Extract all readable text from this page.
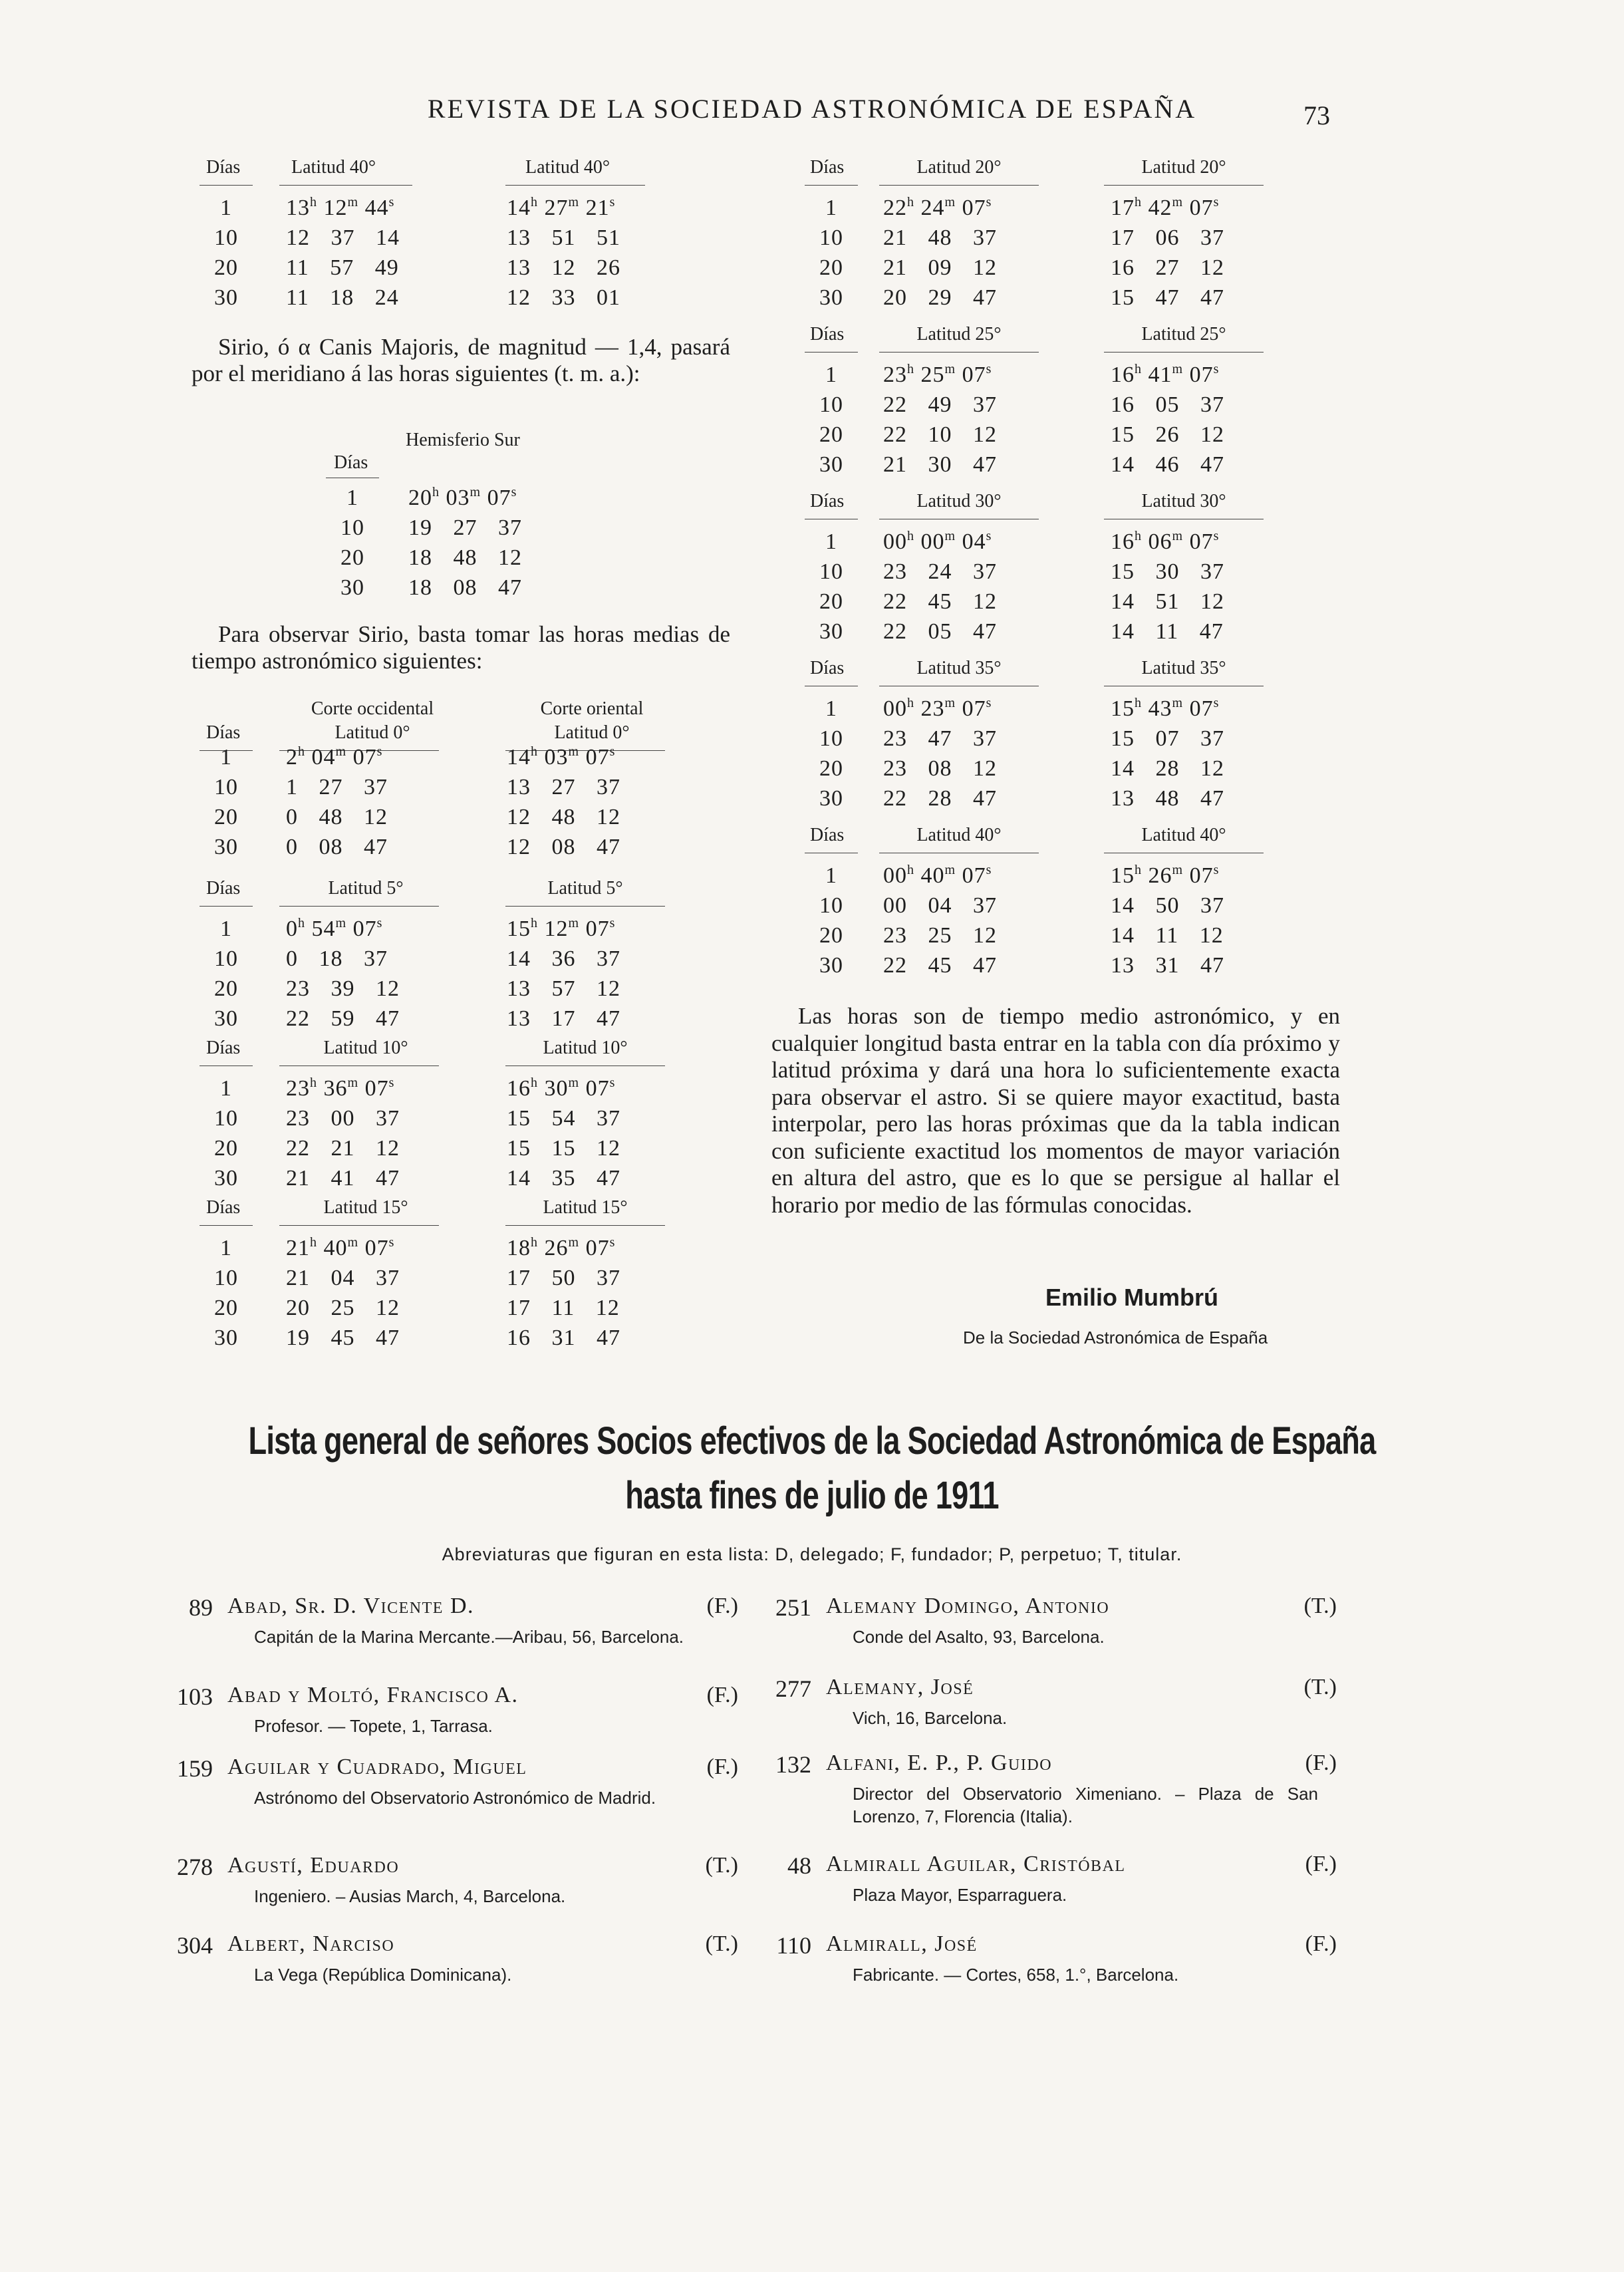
REVISTA DE LA SOCIEDAD ASTRONÓMICA DE ESPAÑA	73
Días	Latitud 40°	Latitud 40°
1	13$^h$ 12$^m$ 44$^s$	14$^h$ 27$^m$ 21$^s$
10	12 37 14	13 51 51
20	11 57 49	13 12 26
30	11 18 24	12 33 01
Sirio, ó α Canis Majoris, de magnitud — 1,4, pasará por el meridiano á las horas siguientes (t. m. a.):
Hemisferio Sur
Días
1	20$^h$ 03$^m$ 07$^s$
10	19 27 37
20	18 48 12
30	18 08 47
Para observar Sirio, basta tomar las horas medias de tiempo astronómico siguientes:
Corte occidental
Latitud 0°
Corte oriental
Latitud 0°
Días
1	2$^h$ 04$^m$ 07$^s$	14$^h$ 03$^m$ 07$^s$
10	1 27 37	13 27 37
20	0 48 12	12 48 12
30	0 08 47	12 08 47
Días	Latitud 5°	Latitud 5°
1	0$^h$ 54$^m$ 07$^s$	15$^h$ 12$^m$ 07$^s$
10	0 18 37	14 36 37
20	23 39 12	13 57 12
30	22 59 47	13 17 47
Días	Latitud 10°	Latitud 10°
1	23$^h$ 36$^m$ 07$^s$	16$^h$ 30$^m$ 07$^s$
10	23 00 37	15 54 37
20	22 21 12	15 15 12
30	21 41 47	14 35 47
Días	Latitud 15°	Latitud 15°
1	21$^h$ 40$^m$ 07$^s$	18$^h$ 26$^m$ 07$^s$
10	21 04 37	17 50 37
20	20 25 12	17 11 12
30	19 45 47	16 31 47
Días	Latitud 20°	Latitud 20°
1	22$^h$ 24$^m$ 07$^s$	17$^h$ 42$^m$ 07$^s$
10	21 48 37	17 06 37
20	21 09 12	16 27 12
30	20 29 47	15 47 47
Días	Latitud 25°	Latitud 25°
1	23$^h$ 25$^m$ 07$^s$	16$^h$ 41$^m$ 07$^s$
10	22 49 37	16 05 37
20	22 10 12	15 26 12
30	21 30 47	14 46 47
Días	Latitud 30°	Latitud 30°
1	00$^h$ 00$^m$ 04$^s$	16$^h$ 06$^m$ 07$^s$
10	23 24 37	15 30 37
20	22 45 12	14 51 12
30	22 05 47	14 11 47
Días	Latitud 35°	Latitud 35°
1	00$^h$ 23$^m$ 07$^s$	15$^h$ 43$^m$ 07$^s$
10	23 47 37	15 07 37
20	23 08 12	14 28 12
30	22 28 47	13 48 47
Días	Latitud 40°	Latitud 40°
1	00$^h$ 40$^m$ 07$^s$	15$^h$ 26$^m$ 07$^s$
10	00 04 37	14 50 37
20	23 25 12	14 11 12
30	22 45 47	13 31 47
Las horas son de tiempo medio astronómico, y en cualquier longitud basta entrar en la tabla con día próximo y latitud próxima y dará una hora lo suficientemente exacta para observar el astro. Si se quiere mayor exactitud, basta interpolar, pero las horas próximas que da la tabla indican con suficiente exactitud los momentos de mayor variación en altura del astro, que es lo que se persigue al hallar el horario por medio de las fórmulas conocidas.
Emilio Mumbrú
De la Sociedad Astronómica de España
Lista general de señores Socios efectivos de la Sociedad Astronómica de España
hasta fines de julio de 1911
Abreviaturas que figuran en esta lista: D, delegado; F, fundador; P, perpetuo; T, titular.
89 Abad, Sr. D. Vicente D.	(F.)
Capitán de la Marina Mercante.—Aribau, 56, Barcelona.
103 Abad y Moltó, Francisco A.	(F.)
Profesor. — Topete, 1, Tarrasa.
159 Aguilar y Cuadrado, Miguel	(F.)
Astrónomo del Observatorio Astronómico de Madrid.
278 Agustí, Eduardo	(T.)
Ingeniero. – Ausias March, 4, Barcelona.
304 Albert, Narciso	(T.)
La Vega (República Dominicana).
251 Alemany Domingo, Antonio	(T.)
Conde del Asalto, 93, Barcelona.
277 Alemany, José	(T.)
Vich, 16, Barcelona.
132 Alfani, E. P., P. Guido	(F.)
Director del Observatorio Ximeniano. – Plaza de San Lorenzo, 7, Florencia (Italia).
48 Almirall Aguilar, Cristóbal	(F.)
Plaza Mayor, Esparraguera.
110 Almirall, José	(F.)
Fabricante. — Cortes, 658, 1.°, Barcelona.
